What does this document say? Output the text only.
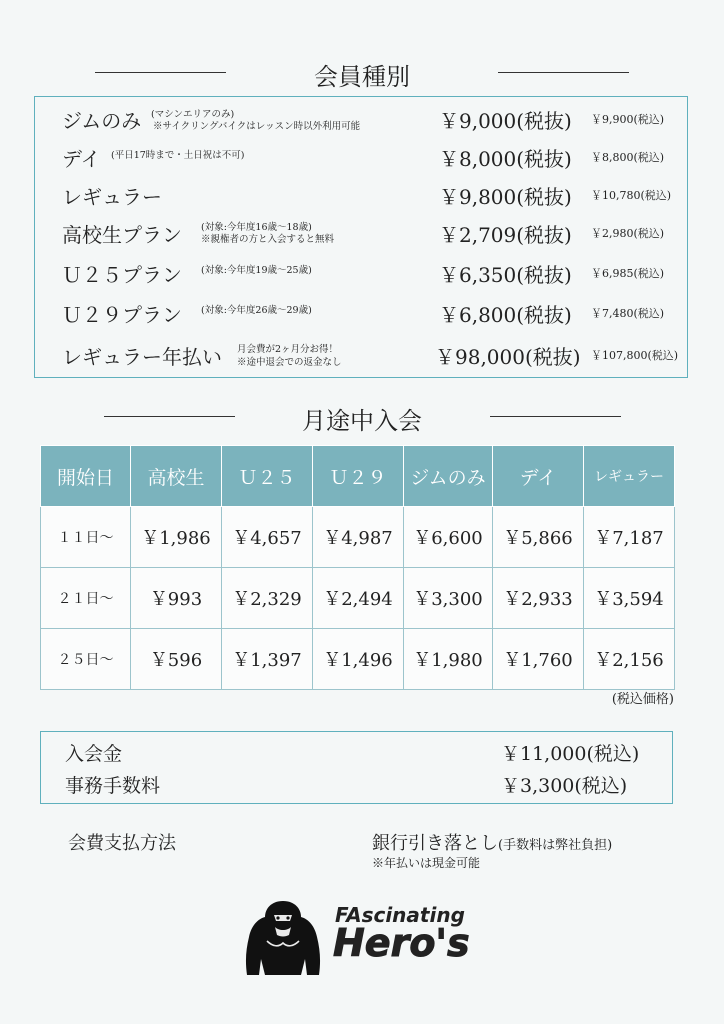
会員種別
ジムのみ (マシンエリアのみ)
※サイクリングバイクはレッスン時以外利用可能	￥9,000(税抜) ￥9,900(税込)
デイ (平日17時まで・土日祝は不可)	￥8,000(税抜) ￥8,800(税込)
レギュラー	￥9,800(税抜) ￥10,780(税込)
高校生プラン (対象:今年度16歳～18歳)
※親権者の方と入会すると無料	￥2,709(税抜) ￥2,980(税込)
Ｕ２５プラン (対象:今年度19歳～25歳)	￥6,350(税抜) ￥6,985(税込)
Ｕ２９プラン (対象:今年度26歳～29歳)	￥6,800(税抜) ￥7,480(税込)
レギュラー年払い 月会費が2ヶ月分お得！
※途中退会での返金なし	￥98,000(税抜) ￥107,800(税込)
月途中入会
開始日	高校生	Ｕ２５	Ｕ２９	ジムのみ	デイ	レギュラー
１１日～	￥1,986	￥4,657	￥4,987	￥6,600	￥5,866	￥7,187
２１日～	￥993	￥2,329	￥2,494	￥3,300	￥2,933	￥3,594
２５日～	￥596	￥1,397	￥1,496	￥1,980	￥1,760	￥2,156
(税込価格)
入会金	￥11,000(税込)
事務手数料	￥3,300(税込)
会費支払方法	銀行引き落とし(手数料は弊社負担)
※年払いは現金可能
FAscinating
Hero's
